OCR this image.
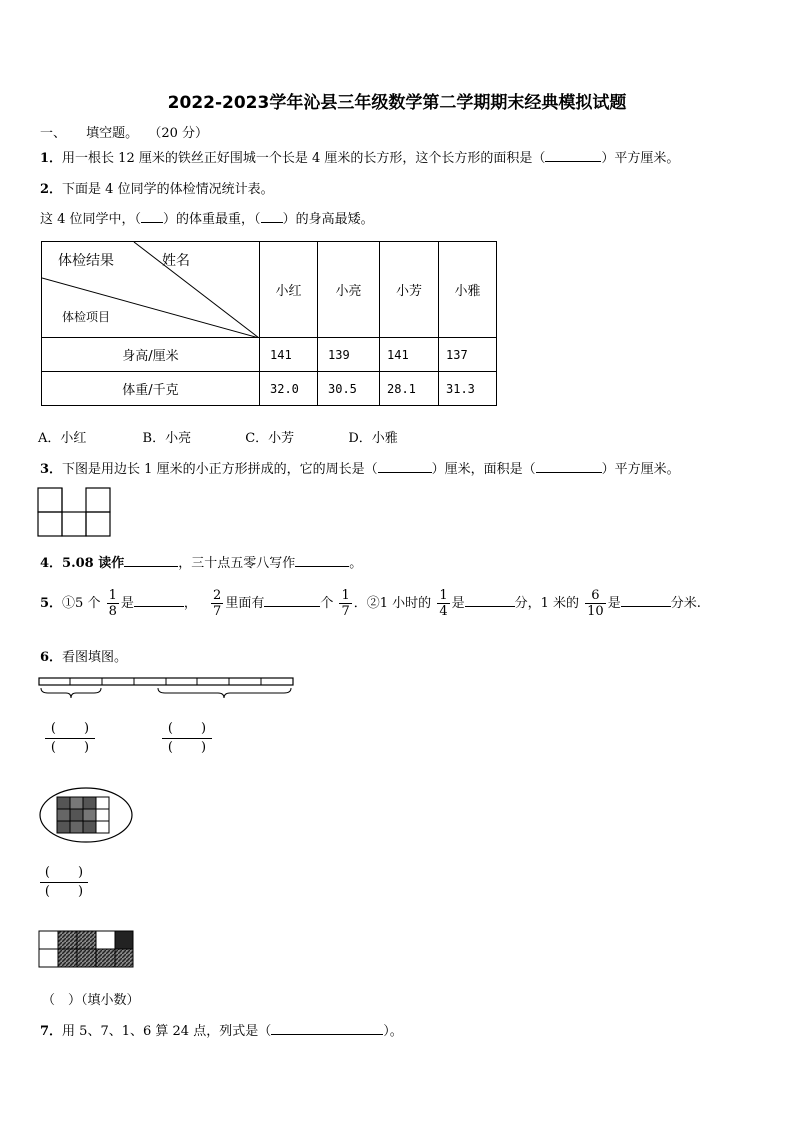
2022-2023学年沁县三年级数学第二学期期末经典模拟试题
一、 填空题。 （20 分）
1．用一根长 12 厘米的铁丝正好围城一个长是 4 厘米的长方形，这个长方形的面积是（	）平方厘米。
2．下面是 4 位同学的体检情况统计表。
这 4 位同学中，（ ）的体重最重，（ ）的身高最矮。
体检结果 姓名
体检项目	小红	小亮	小芳	小雅
身高/厘米	141	139	141	137
体重/千克	32.0	30.5	28.1	31.3
A．小红	B．小亮	C．小芳	D．小雅
3．下图是用边长 1 厘米的小正方形拼成的，它的周长是（	）厘米，面积是（	）平方厘米。
4．5.08 读作	，三十点五零八写作	。
5．①5 个 $\frac{1}{8}$ 是	， $\frac{2}{7}$ 里面有	个 $\frac{1}{7}$ ．②1 小时的 $\frac{1}{4}$ 是	分，1 米的 $\frac{6}{10}$ 是	分米.
6．看图填图。
( )
( )
( )
( )
( )
( )
（　）（填小数）
7．用 5、7、1、6 算 24 点，列式是（	）。
